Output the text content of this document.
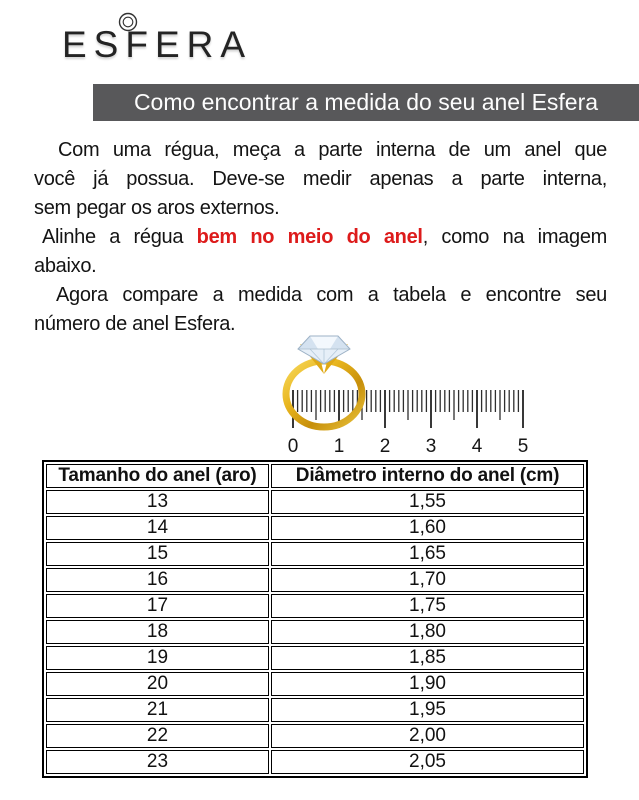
ESFERA
Como encontrar a medida do seu anel Esfera
Com uma régua, meça a parte interna de um anel que
você já possua. Deve-se medir apenas a parte interna,
sem pegar os aros externos.
Alinhe a régua bem no meio do anel, como na imagem
abaixo.
Agora compare a medida com a tabela e encontre seu
número de anel Esfera.
0 1 2 3 4 5
Tamanho do anel (aro)	Diâmetro interno do anel (cm)
13	1,55
14	1,60
15	1,65
16	1,70
17	1,75
18	1,80
19	1,85
20	1,90
21	1,95
22	2,00
23	2,05
